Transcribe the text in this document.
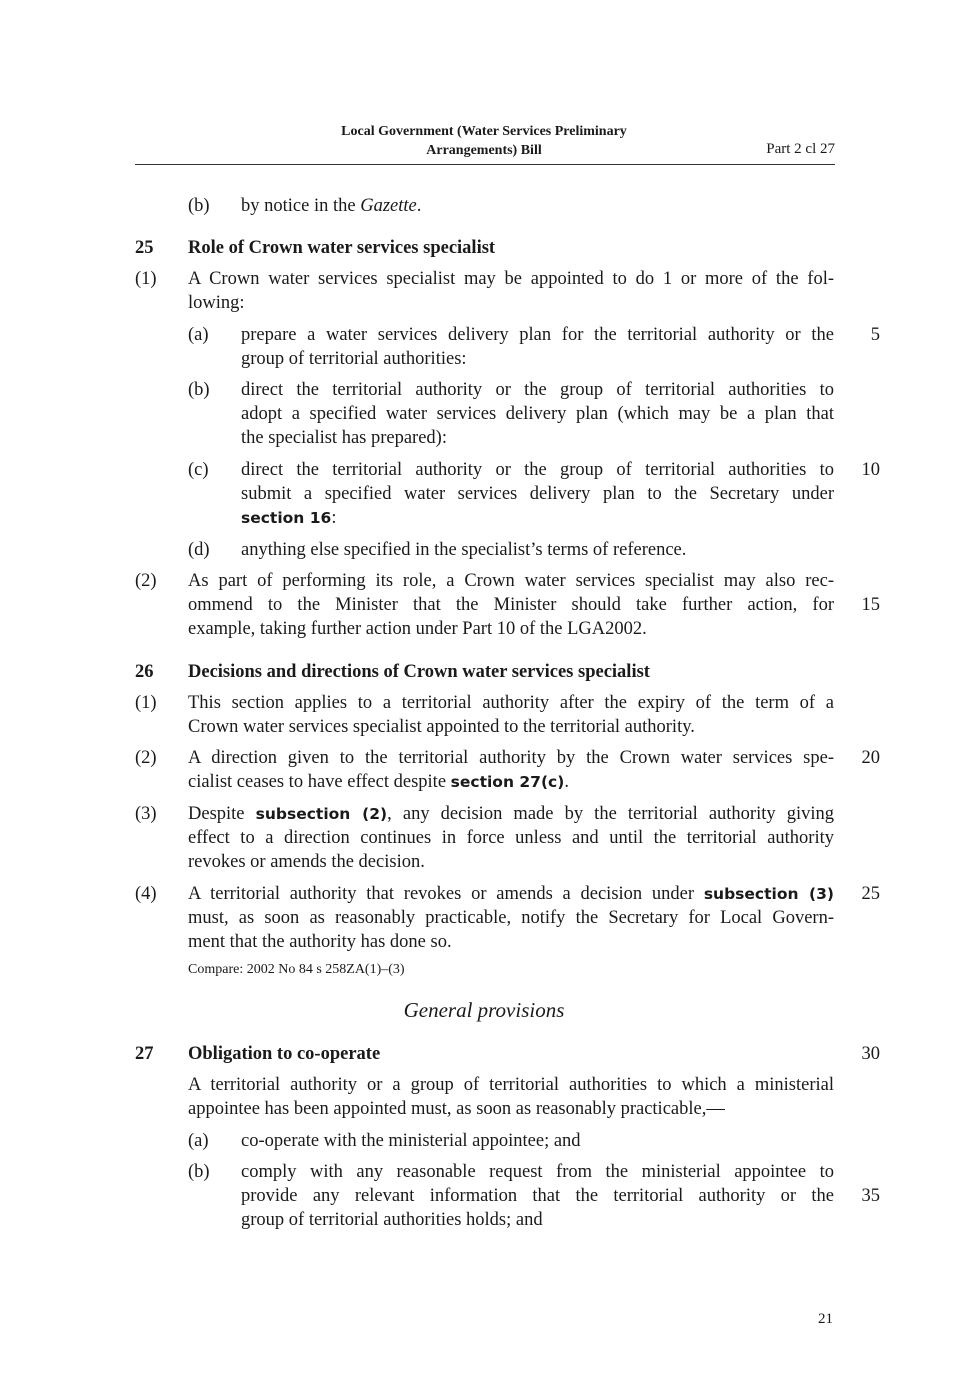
Local Government (Water Services Preliminary
Arrangements) Bill	Part 2 cl 27
(b) by notice in the Gazette.
25 Role of Crown water services specialist
(1) A Crown water services specialist may be appointed to do 1 or more of the fol-
lowing:
(a) prepare a water services delivery plan for the territorial authority or the
group of territorial authorities:
(b) direct the territorial authority or the group of territorial authorities to
adopt a specified water services delivery plan (which may be a plan that
the specialist has prepared):
(c) direct the territorial authority or the group of territorial authorities to
submit a specified water services delivery plan to the Secretary under
section 16:
(d) anything else specified in the specialist’s terms of reference.
(2) As part of performing its role, a Crown water services specialist may also rec-
ommend to the Minister that the Minister should take further action, for
example, taking further action under Part 10 of the LGA2002.
26 Decisions and directions of Crown water services specialist
(1) This section applies to a territorial authority after the expiry of the term of a
Crown water services specialist appointed to the territorial authority.
(2) A direction given to the territorial authority by the Crown water services spe-
cialist ceases to have effect despite section 27(c).
(3) Despite subsection (2), any decision made by the territorial authority giving
effect to a direction continues in force unless and until the territorial authority
revokes or amends the decision.
(4) A territorial authority that revokes or amends a decision under subsection (3)
must, as soon as reasonably practicable, notify the Secretary for Local Govern-
ment that the authority has done so.
Compare: 2002 No 84 s 258ZA(1)–(3)
General provisions
27 Obligation to co-operate
A territorial authority or a group of territorial authorities to which a ministerial
appointee has been appointed must, as soon as reasonably practicable,—
(a) co-operate with the ministerial appointee; and
(b) comply with any reasonable request from the ministerial appointee to
provide any relevant information that the territorial authority or the
group of territorial authorities holds; and
5
10
15
20
25
30
35
21
